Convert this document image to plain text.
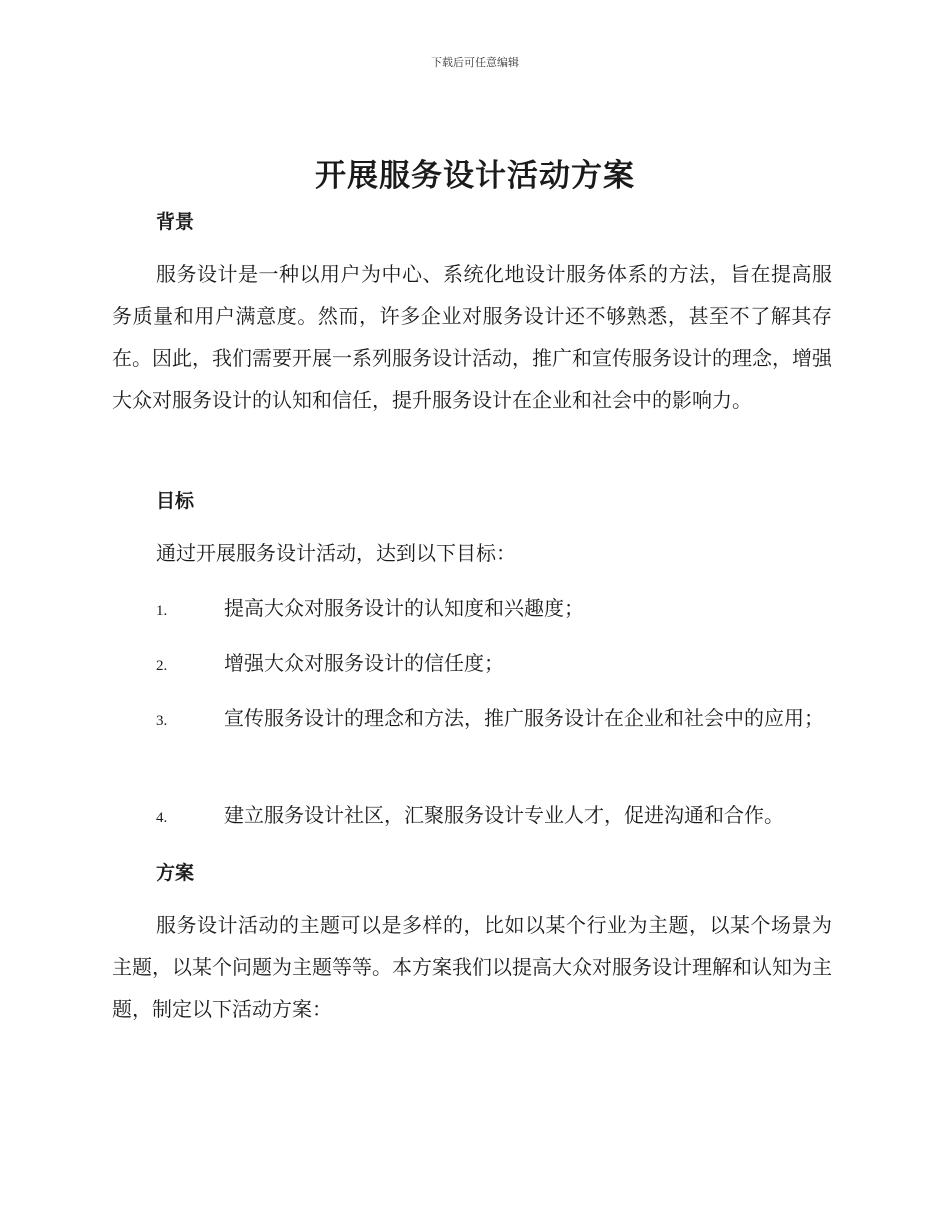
下载后可任意编辑
开展服务设计活动方案
背景

服务设计是一种以用户为中心、系统化地设计服务体系的方法，旨在提高服务质量和用户满意度。然而，许多企业对服务设计还不够熟悉，甚至不了解其存在。因此，我们需要开展一系列服务设计活动，推广和宣传服务设计的理念，增强大众对服务设计的认知和信任，提升服务设计在企业和社会中的影响力。

目标

通过开展服务设计活动，达到以下目标：

1.	提高大众对服务设计的认知度和兴趣度；

2.	增强大众对服务设计的信任度；

3.	宣传服务设计的理念和方法，推广服务设计在企业和社会中的应用；

4.	建立服务设计社区，汇聚服务设计专业人才，促进沟通和合作。

方案

服务设计活动的主题可以是多样的，比如以某个行业为主题，以某个场景为主题，以某个问题为主题等等。本方案我们以提高大众对服务设计理解和认知为主题，制定以下活动方案：
